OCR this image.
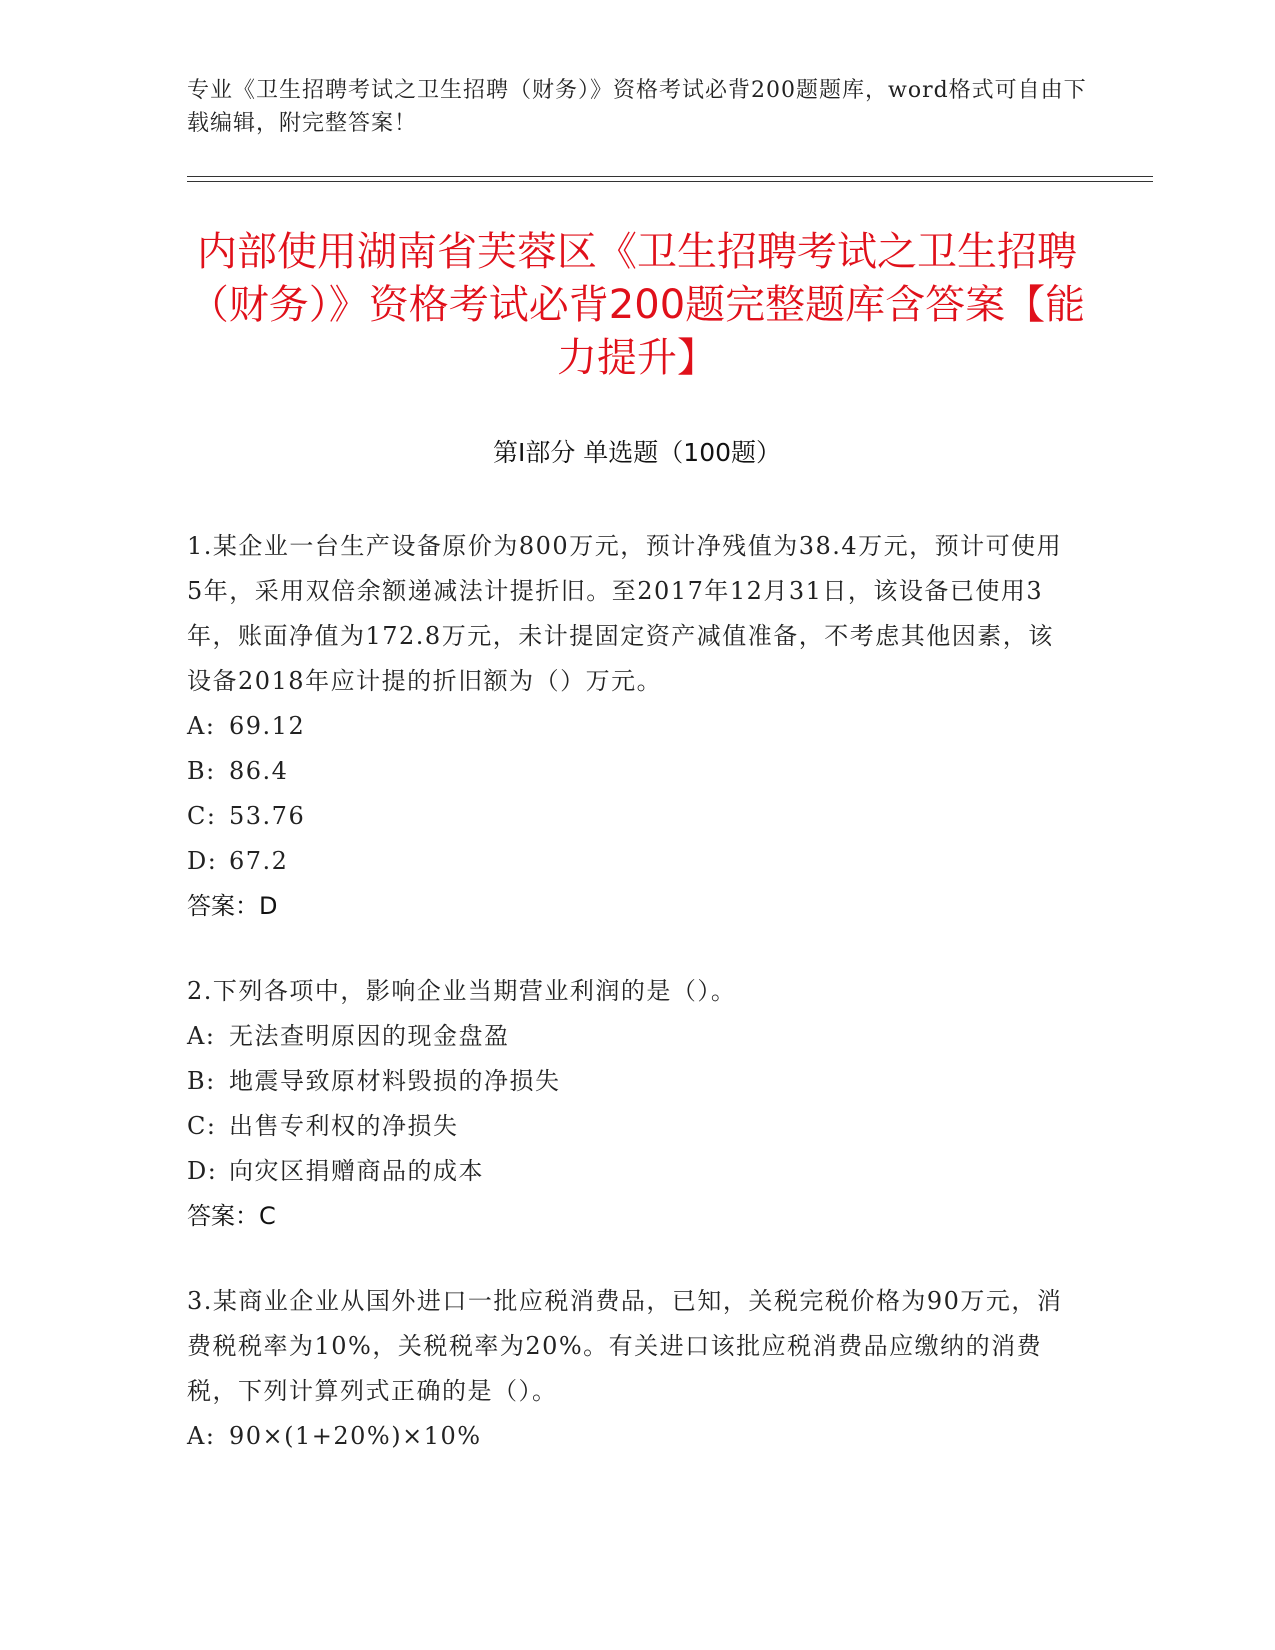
专业《卫生招聘考试之卫生招聘（财务）》资格考试必背200题题库，word格式可自由下载编辑，附完整答案！
内部使用湖南省芙蓉区《卫生招聘考试之卫生招聘（财务）》资格考试必背200题完整题库含答案【能力提升】
第I部分 单选题（100题）

1.某企业一台生产设备原价为800万元，预计净残值为38.4万元，预计可使用5年，采用双倍余额递减法计提折旧。至2017年12月31日，该设备已使用3年，账面净值为172.8万元，未计提固定资产减值准备，不考虑其他因素，该设备2018年应计提的折旧额为（）万元。

A: 69.12

B: 86.4

C: 53.76

D: 67.2

答案：D

2.下列各项中，影响企业当期营业利润的是（）。

A: 无法查明原因的现金盘盈

B: 地震导致原材料毁损的净损失

C: 出售专利权的净损失

D: 向灾区捐赠商品的成本

答案：C

3.某商业企业从国外进口一批应税消费品，已知，关税完税价格为90万元，消费税税率为10%，关税税率为20%。有关进口该批应税消费品应缴纳的消费税，下列计算列式正确的是（）。

A: 90×(1+20%)×10%
